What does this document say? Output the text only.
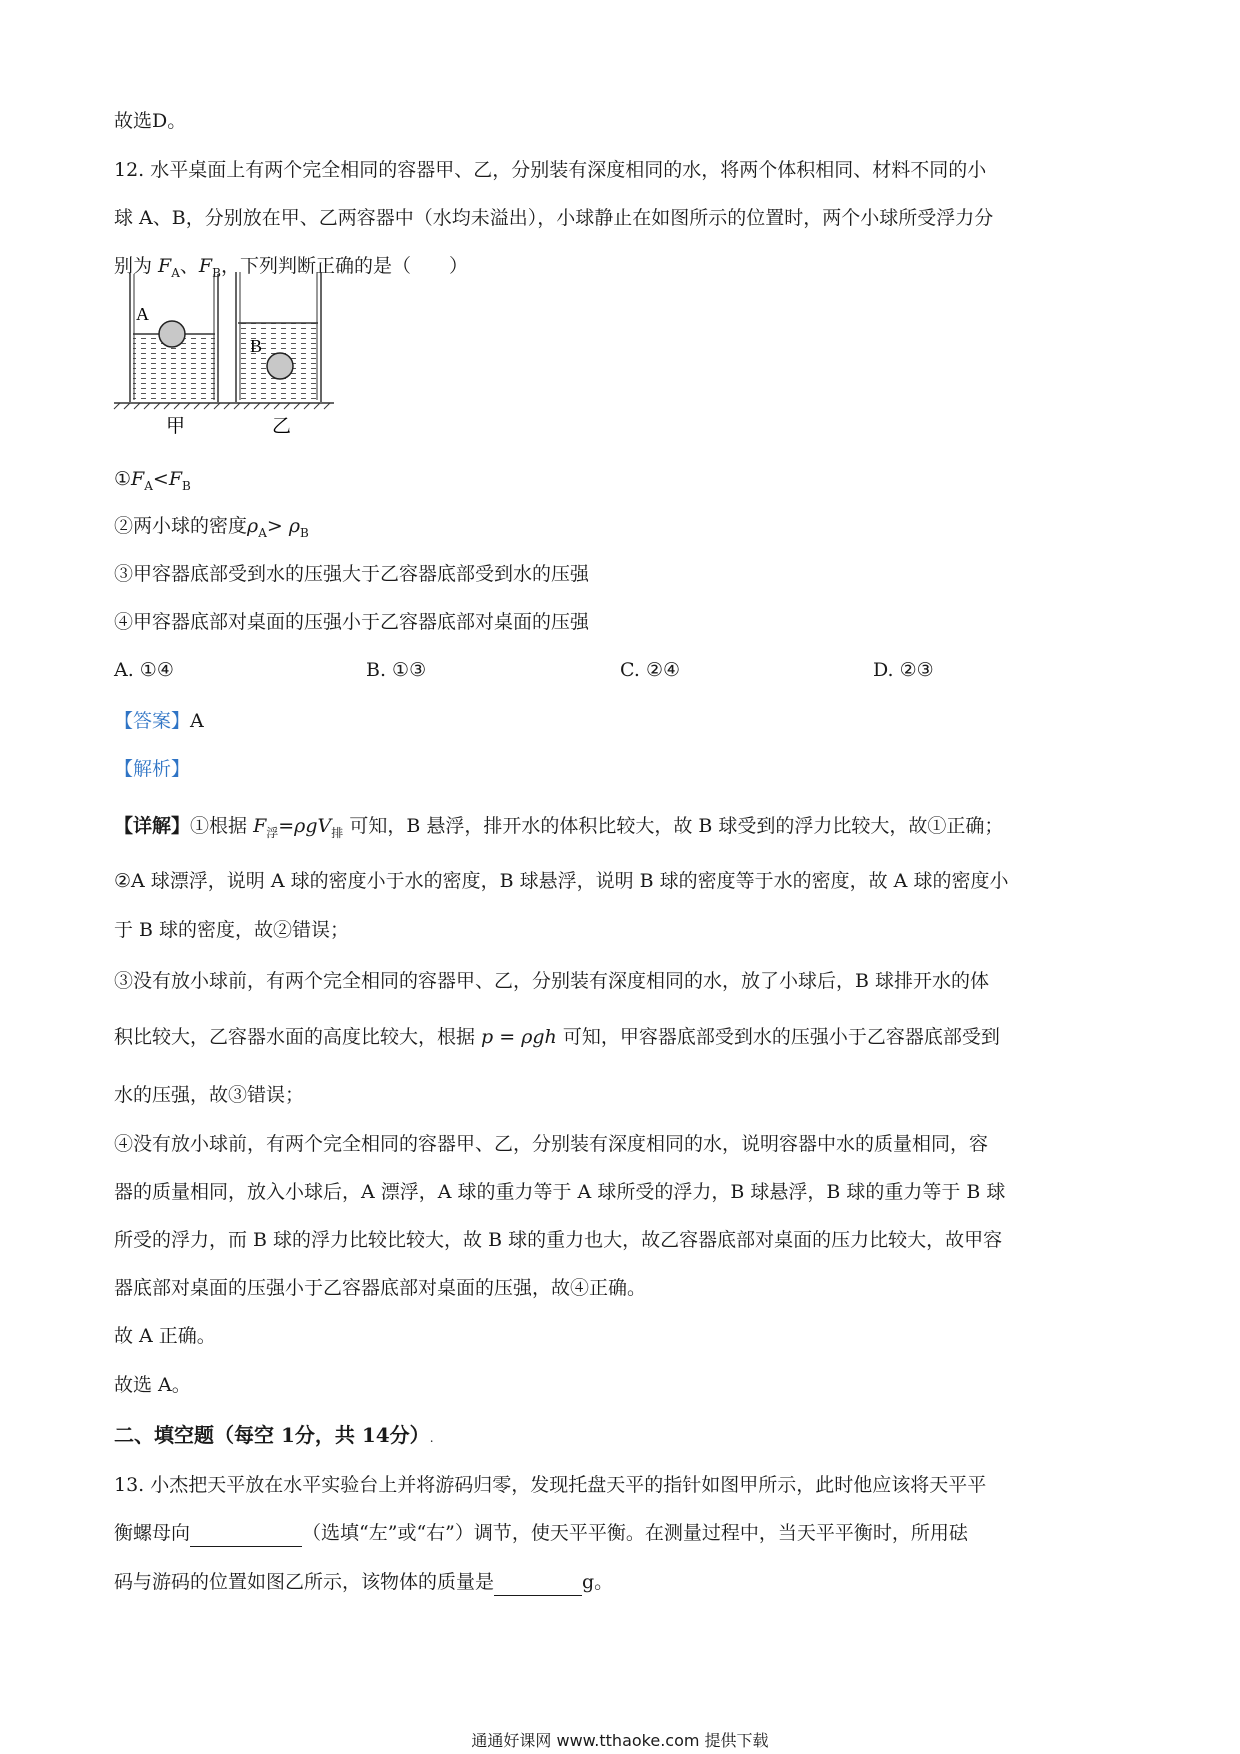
故选D。
12. 水平桌面上有两个完全相同的容器甲、乙，分别装有深度相同的水，将两个体积相同、材料不同的小
球 A、B，分别放在甲、乙两容器中（水均未溢出），小球静止在如图所示的位置时，两个小球所受浮力分
别为 $F_A$、$F_B$，下列判断正确的是（　　）
A
B
甲	乙
$①F_A<F_B$
②两小球的密度$\rho_A> \rho_B$
③甲容器底部受到水的压强大于乙容器底部受到水的压强
④甲容器底部对桌面的压强小于乙容器底部对桌面的压强
A. ①④	B. ①③	C. ②④	D. ②③
【答案】A
【解析】
【详解】①根据 $F_浮=\rho gV_排$ 可知，B 悬浮，排开水的体积比较大，故 B 球受到的浮力比较大，故①正确；
②A 球漂浮，说明 A 球的密度小于水的密度，B 球悬浮，说明 B 球的密度等于水的密度，故 A 球的密度小
于 B 球的密度，故②错误；
③没有放小球前，有两个完全相同的容器甲、乙，分别装有深度相同的水，放了小球后，B 球排开水的体
积比较大，乙容器水面的高度比较大，根据 p = ρgh 可知，甲容器底部受到水的压强小于乙容器底部受到
水的压强，故③错误；
④没有放小球前，有两个完全相同的容器甲、乙，分别装有深度相同的水，说明容器中水的质量相同，容
器的质量相同，放入小球后，A 漂浮，A 球的重力等于 A 球所受的浮力，B 球悬浮，B 球的重力等于 B 球
所受的浮力，而 B 球的浮力比较比较大，故 B 球的重力也大，故乙容器底部对桌面的压力比较大，故甲容
器底部对桌面的压强小于乙容器底部对桌面的压强，故④正确。
故 A 正确。
故选 A。
二、填空题（每空 1分，共 14分）.
13. 小杰把天平放在水平实验台上并将游码归零，发现托盘天平的指针如图甲所示，此时他应该将天平平
衡螺母向	（选填“左”或“右”）调节，使天平平衡。在测量过程中，当天平平衡时，所用砝
码与游码的位置如图乙所示，该物体的质量是	g。
通通好课网 www.tthaoke.com 提供下载
